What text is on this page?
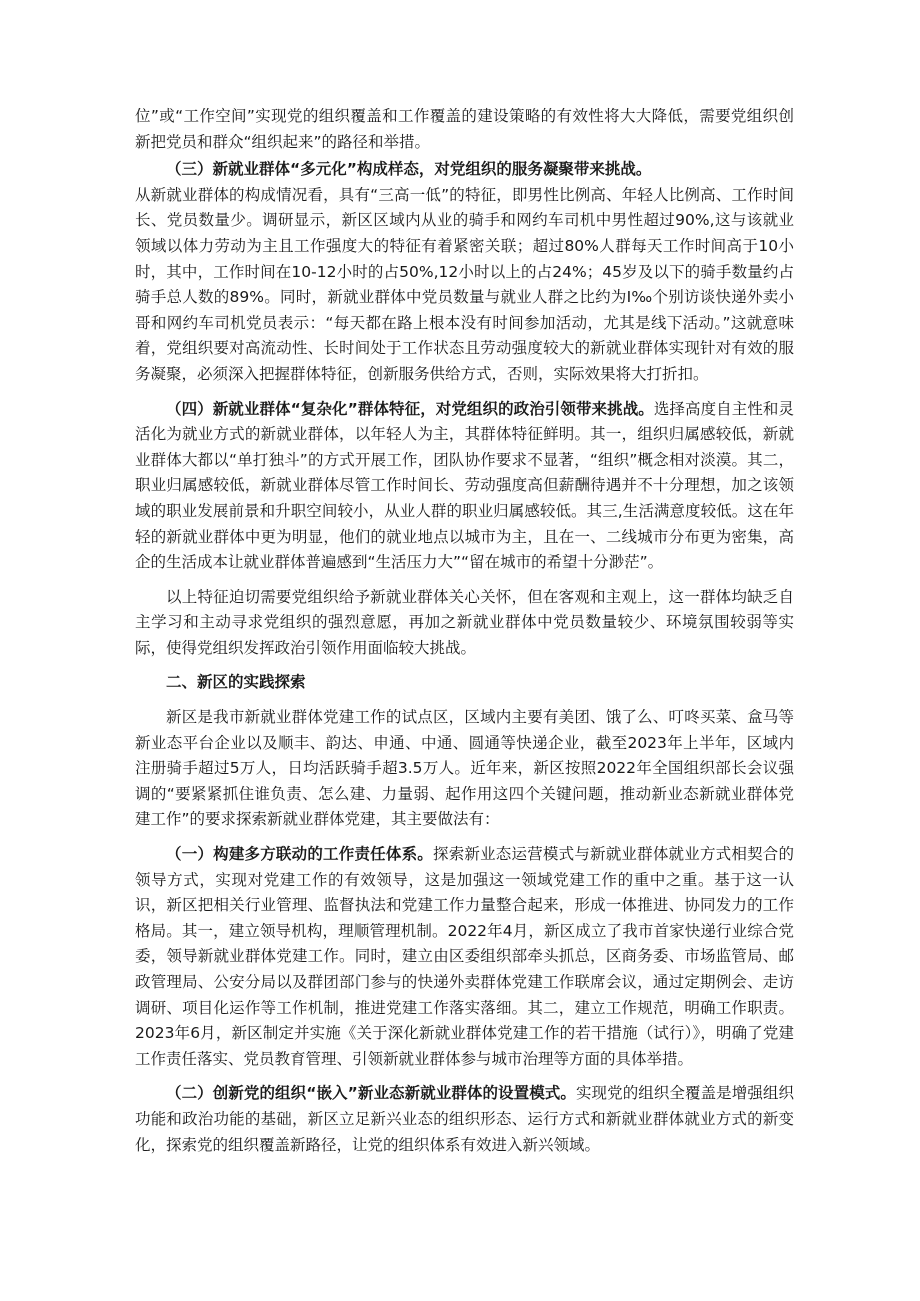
位”或“工作空间”实现党的组织覆盖和工作覆盖的建设策略的有效性将大大降低，需要党组织创新把党员和群众“组织起来”的路径和举措。

（三）新就业群体“多元化”构成样态，对党组织的服务凝聚带来挑战。

从新就业群体的构成情况看，具有“三高一低”的特征，即男性比例高、年轻人比例高、工作时间长、党员数量少。调研显示，新区区域内从业的骑手和网约车司机中男性超过90%,这与该就业领域以体力劳动为主且工作强度大的特征有着紧密关联；超过80%人群每天工作时间高于10小时，其中，工作时间在10-12小时的占50%,12小时以上的占24%；45岁及以下的骑手数量约占骑手总人数的89%。同时，新就业群体中党员数量与就业人群之比约为I‰个别访谈快递外卖小哥和网约车司机党员表示：“每天都在路上根本没有时间参加活动，尤其是线下活动。”这就意味着，党组织要对高流动性、长时间处于工作状态且劳动强度较大的新就业群体实现针对有效的服务凝聚，必须深入把握群体特征，创新服务供给方式，否则，实际效果将大打折扣。

（四）新就业群体“复杂化”群体特征，对党组织的政治引领带来挑战。选择高度自主性和灵活化为就业方式的新就业群体，以年轻人为主，其群体特征鲜明。其一，组织归属感较低，新就业群体大都以“单打独斗”的方式开展工作，团队协作要求不显著，“组织”概念相对淡漠。其二，职业归属感较低，新就业群体尽管工作时间长、劳动强度高但薪酬待遇并不十分理想，加之该领域的职业发展前景和升职空间较小，从业人群的职业归属感较低。其三,生活满意度较低。这在年轻的新就业群体中更为明显，他们的就业地点以城市为主，且在一、二线城市分布更为密集，高企的生活成本让就业群体普遍感到“生活压力大”“留在城市的希望十分渺茫”。

以上特征迫切需要党组织给予新就业群体关心关怀，但在客观和主观上，这一群体均缺乏自主学习和主动寻求党组织的强烈意愿，再加之新就业群体中党员数量较少、环境氛围较弱等实际，使得党组织发挥政治引领作用面临较大挑战。

二、新区的实践探索

新区是我市新就业群体党建工作的试点区，区域内主要有美团、饿了么、叮咚买菜、盒马等新业态平台企业以及顺丰、韵达、申通、中通、圆通等快递企业，截至2023年上半年，区域内注册骑手超过5万人，日均活跃骑手超3.5万人。近年来，新区按照2022年全国组织部长会议强调的“要紧紧抓住谁负责、怎么建、力量弱、起作用这四个关键问题，推动新业态新就业群体党建工作”的要求探索新就业群体党建，其主要做法有：

（一）构建多方联动的工作责任体系。探索新业态运营模式与新就业群体就业方式相契合的领导方式，实现对党建工作的有效领导，这是加强这一领域党建工作的重中之重。基于这一认识，新区把相关行业管理、监督执法和党建工作力量整合起来，形成一体推进、协同发力的工作格局。其一，建立领导机构，理顺管理机制。2022年4月，新区成立了我市首家快递行业综合党委，领导新就业群体党建工作。同时，建立由区委组织部牵头抓总，区商务委、市场监管局、邮政管理局、公安分局以及群团部门参与的快递外卖群体党建工作联席会议，通过定期例会、走访调研、项目化运作等工作机制，推进党建工作落实落细。其二，建立工作规范，明确工作职责。2023年6月，新区制定并实施《关于深化新就业群体党建工作的若干措施（试行）》，明确了党建工作责任落实、党员教育管理、引领新就业群体参与城市治理等方面的具体举措。

（二）创新党的组织“嵌入”新业态新就业群体的设置模式。实现党的组织全覆盖是增强组织功能和政治功能的基础，新区立足新兴业态的组织形态、运行方式和新就业群体就业方式的新变化，探索党的组织覆盖新路径，让党的组织体系有效进入新兴领域。
